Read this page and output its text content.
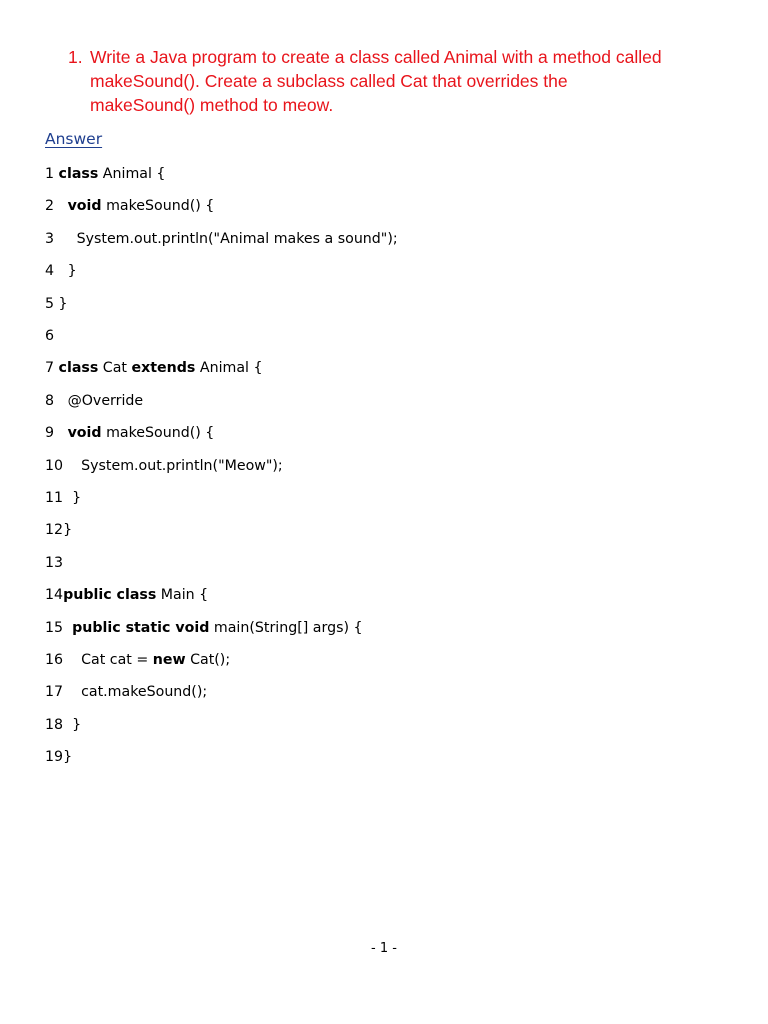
1. Write a Java program to create a class called Animal with a method called makeSound(). Create a subclass called Cat that overrides the makeSound() method to meow.
Answer
1 class Animal {
2 void makeSound() {
3 System.out.println("Animal makes a sound");
4 }
5 }
6
7 class Cat extends Animal {
8 @Override
9 void makeSound() {
10 System.out.println("Meow");
11 }
12}
13
14public class Main {
15 public static void main(String[] args) {
16 Cat cat = new Cat();
17 cat.makeSound();
18 }
19}
- 1 -
